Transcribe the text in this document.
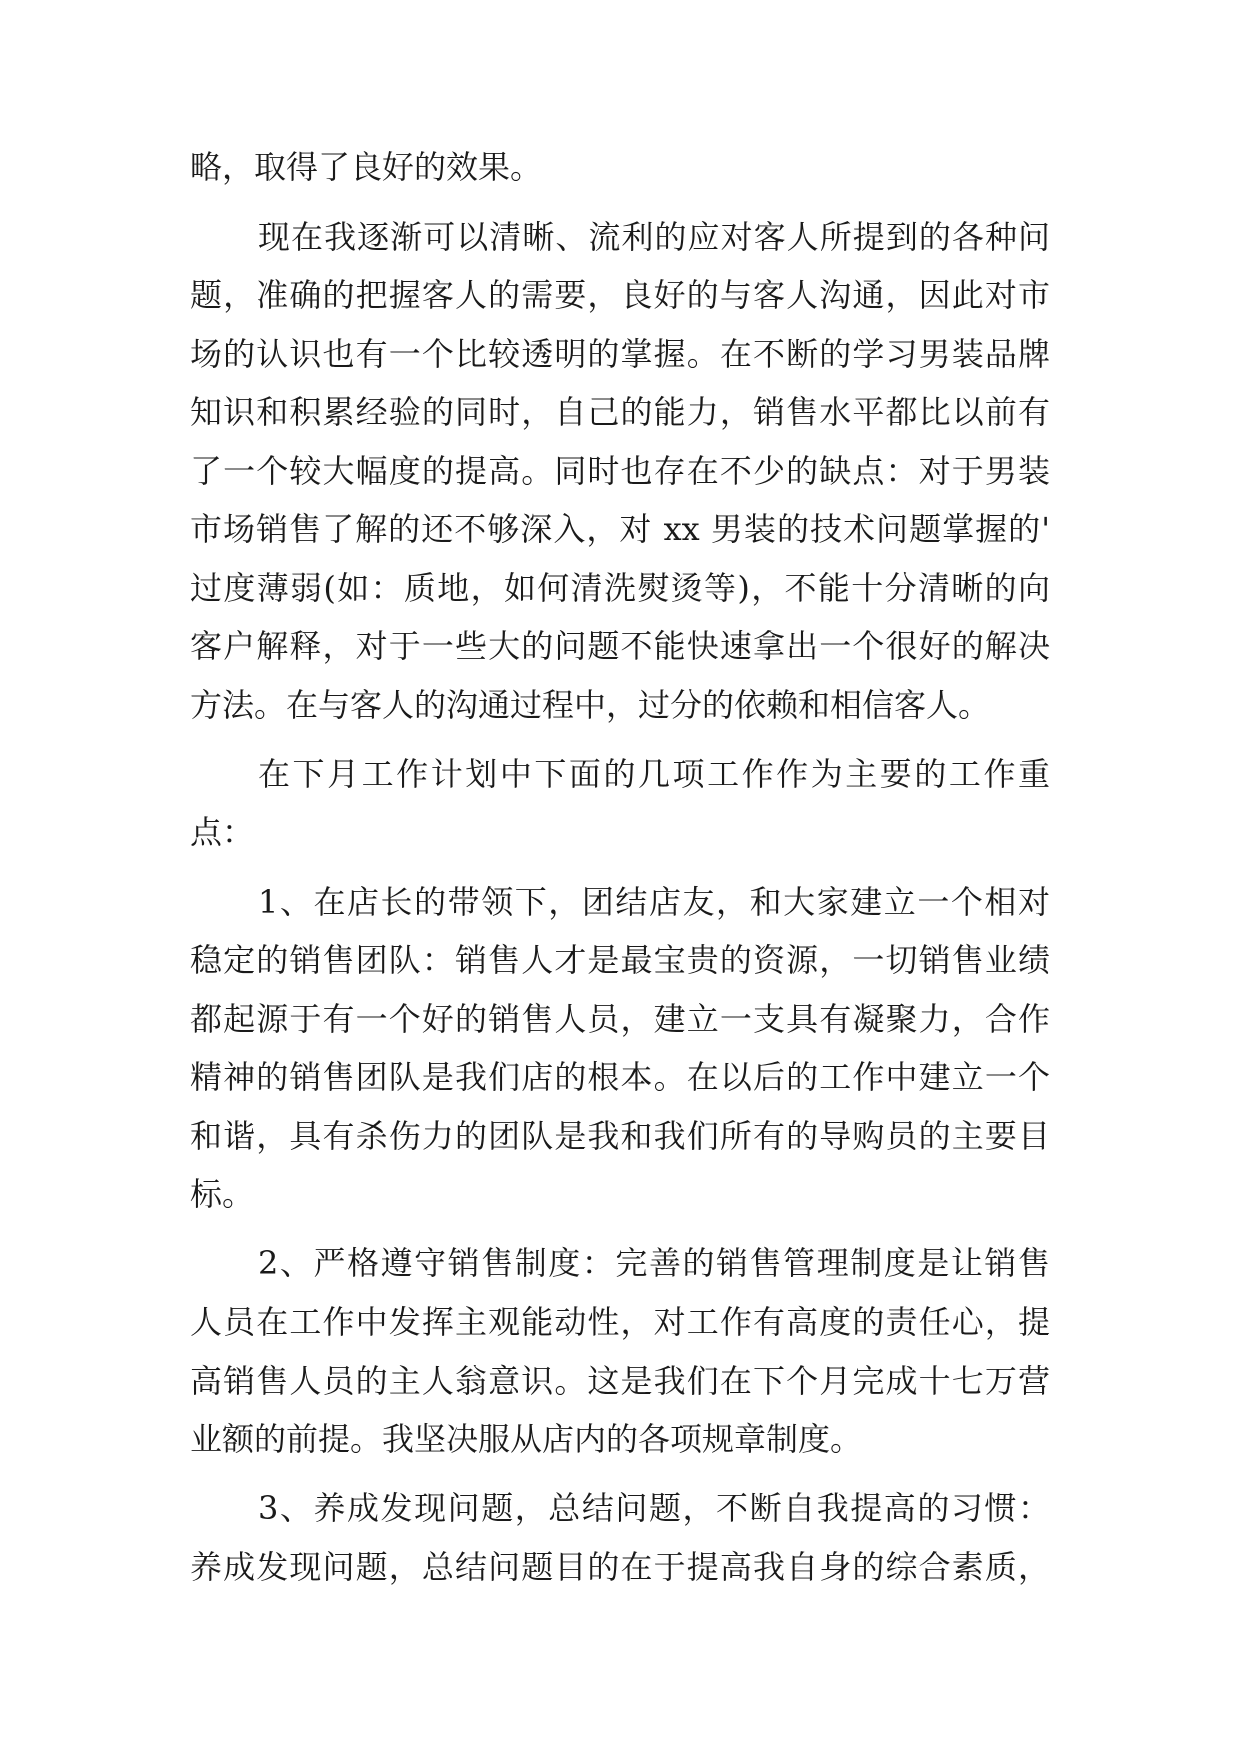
略，取得了良好的效果。
现在我逐渐可以清晰、流利的应对客人所提到的各种问
题，准确的把握客人的需要，良好的与客人沟通，因此对市
场的认识也有一个比较透明的掌握。在不断的学习男装品牌
知识和积累经验的同时，自己的能力，销售水平都比以前有
了一个较大幅度的提高。同时也存在不少的缺点：对于男装
市场销售了解的还不够深入，对 xx 男装的技术问题掌握的'
过度薄弱(如：质地，如何清洗熨烫等)，不能十分清晰的向
客户解释，对于一些大的问题不能快速拿出一个很好的解决
方法。在与客人的沟通过程中，过分的依赖和相信客人。
在下月工作计划中下面的几项工作作为主要的工作重
点：
1、在店长的带领下，团结店友，和大家建立一个相对
稳定的销售团队：销售人才是最宝贵的资源，一切销售业绩
都起源于有一个好的销售人员，建立一支具有凝聚力，合作
精神的销售团队是我们店的根本。在以后的工作中建立一个
和谐，具有杀伤力的团队是我和我们所有的导购员的主要目
标。
2、严格遵守销售制度：完善的销售管理制度是让销售
人员在工作中发挥主观能动性，对工作有高度的责任心，提
高销售人员的主人翁意识。这是我们在下个月完成十七万营
业额的前提。我坚决服从店内的各项规章制度。
3、养成发现问题，总结问题，不断自我提高的习惯：
养成发现问题，总结问题目的在于提高我自身的综合素质，
